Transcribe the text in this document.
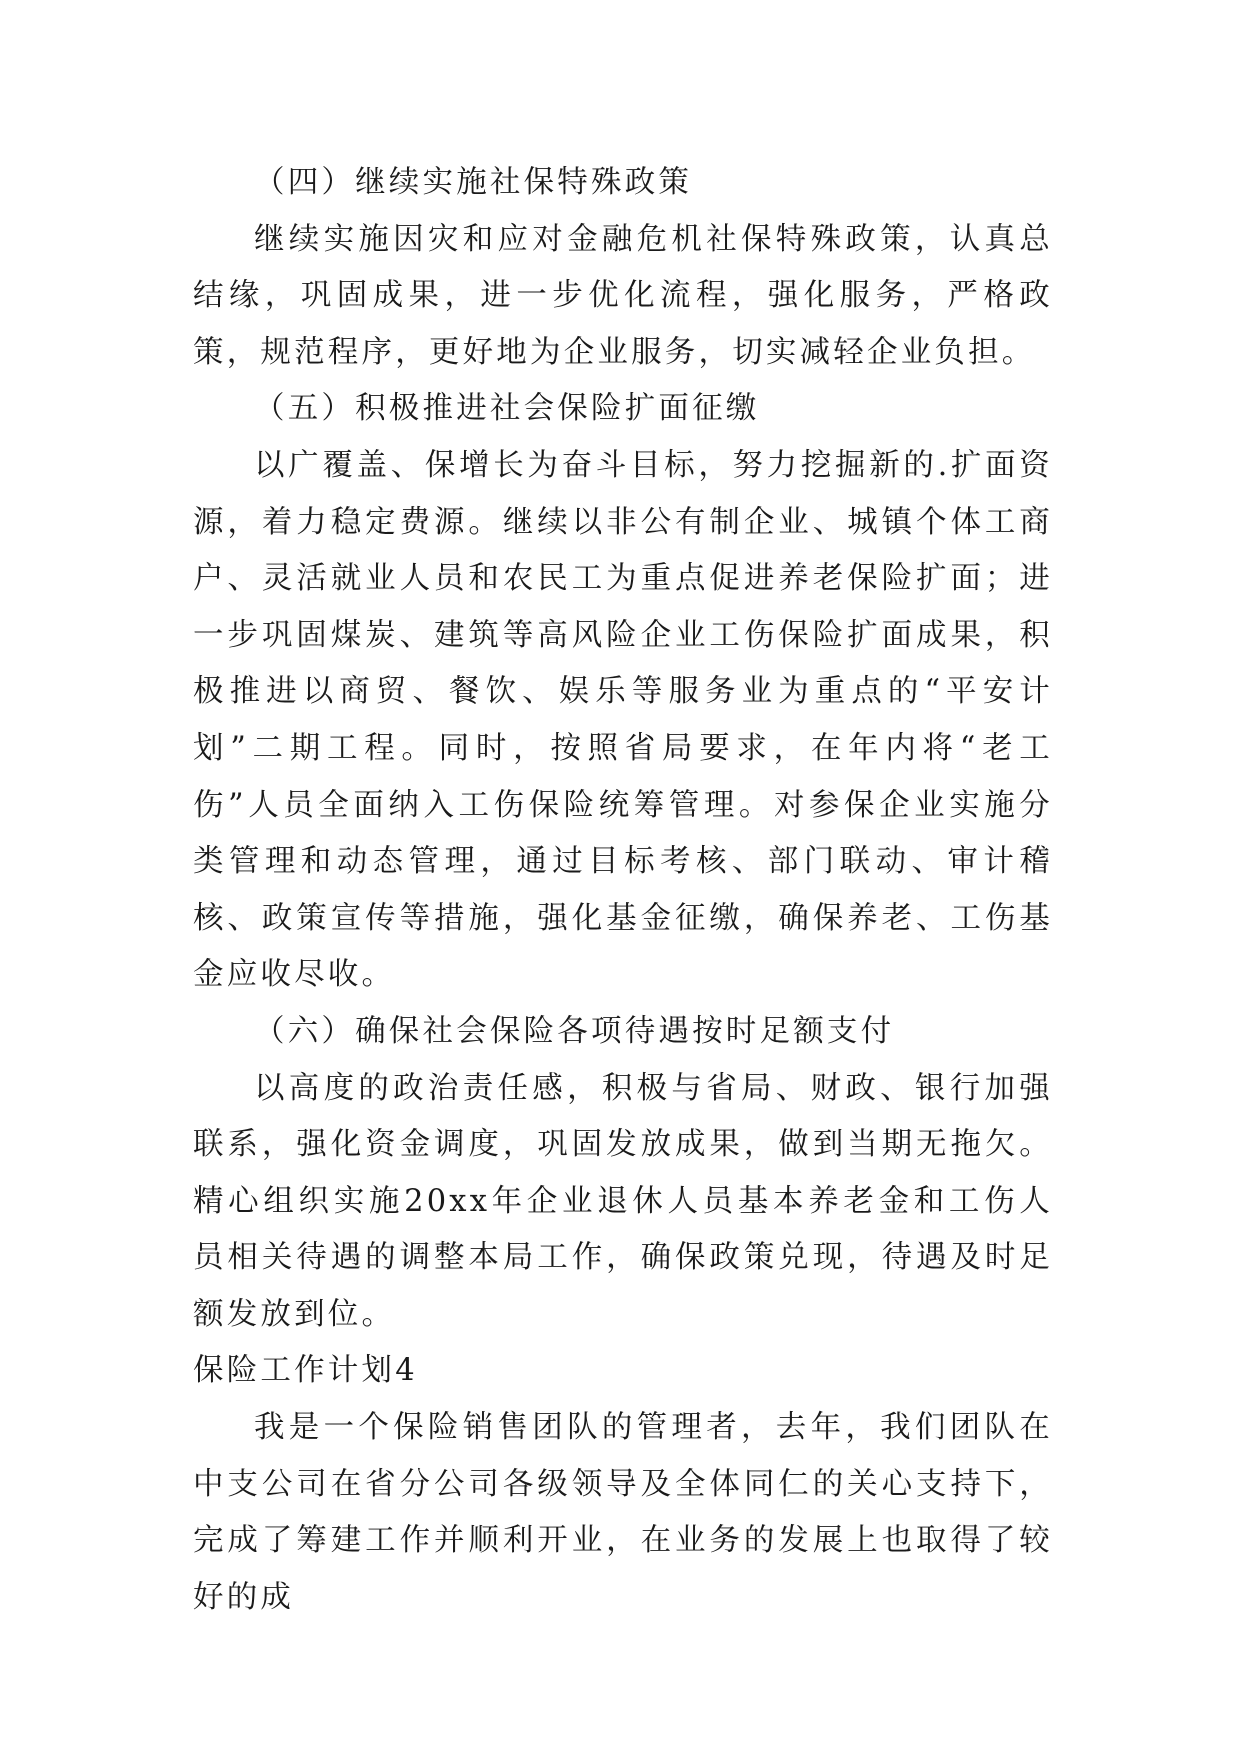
（四）继续实施社保特殊政策

继续实施因灾和应对金融危机社保特殊政策，认真总结缘，巩固成果，进一步优化流程，强化服务，严格政策，规范程序，更好地为企业服务，切实减轻企业负担。

（五）积极推进社会保险扩面征缴

以广覆盖、保增长为奋斗目标，努力挖掘新的.扩面资源，着力稳定费源。继续以非公有制企业、城镇个体工商户、灵活就业人员和农民工为重点促进养老保险扩面；进一步巩固煤炭、建筑等高风险企业工伤保险扩面成果，积极推进以商贸、餐饮、娱乐等服务业为重点的“平安计划”二期工程。同时，按照省局要求，在年内将“老工伤”人员全面纳入工伤保险统筹管理。对参保企业实施分类管理和动态管理，通过目标考核、部门联动、审计稽核、政策宣传等措施，强化基金征缴，确保养老、工伤基金应收尽收。

（六）确保社会保险各项待遇按时足额支付

以高度的政治责任感，积极与省局、财政、银行加强联系，强化资金调度，巩固发放成果，做到当期无拖欠。精心组织实施20xx年企业退休人员基本养老金和工伤人员相关待遇的调整本局工作，确保政策兑现，待遇及时足额发放到位。

保险工作计划4

我是一个保险销售团队的管理者，去年，我们团队在中支公司在省分公司各级领导及全体同仁的关心支持下，完成了筹建工作并顺利开业，在业务的发展上也取得了较好的成
